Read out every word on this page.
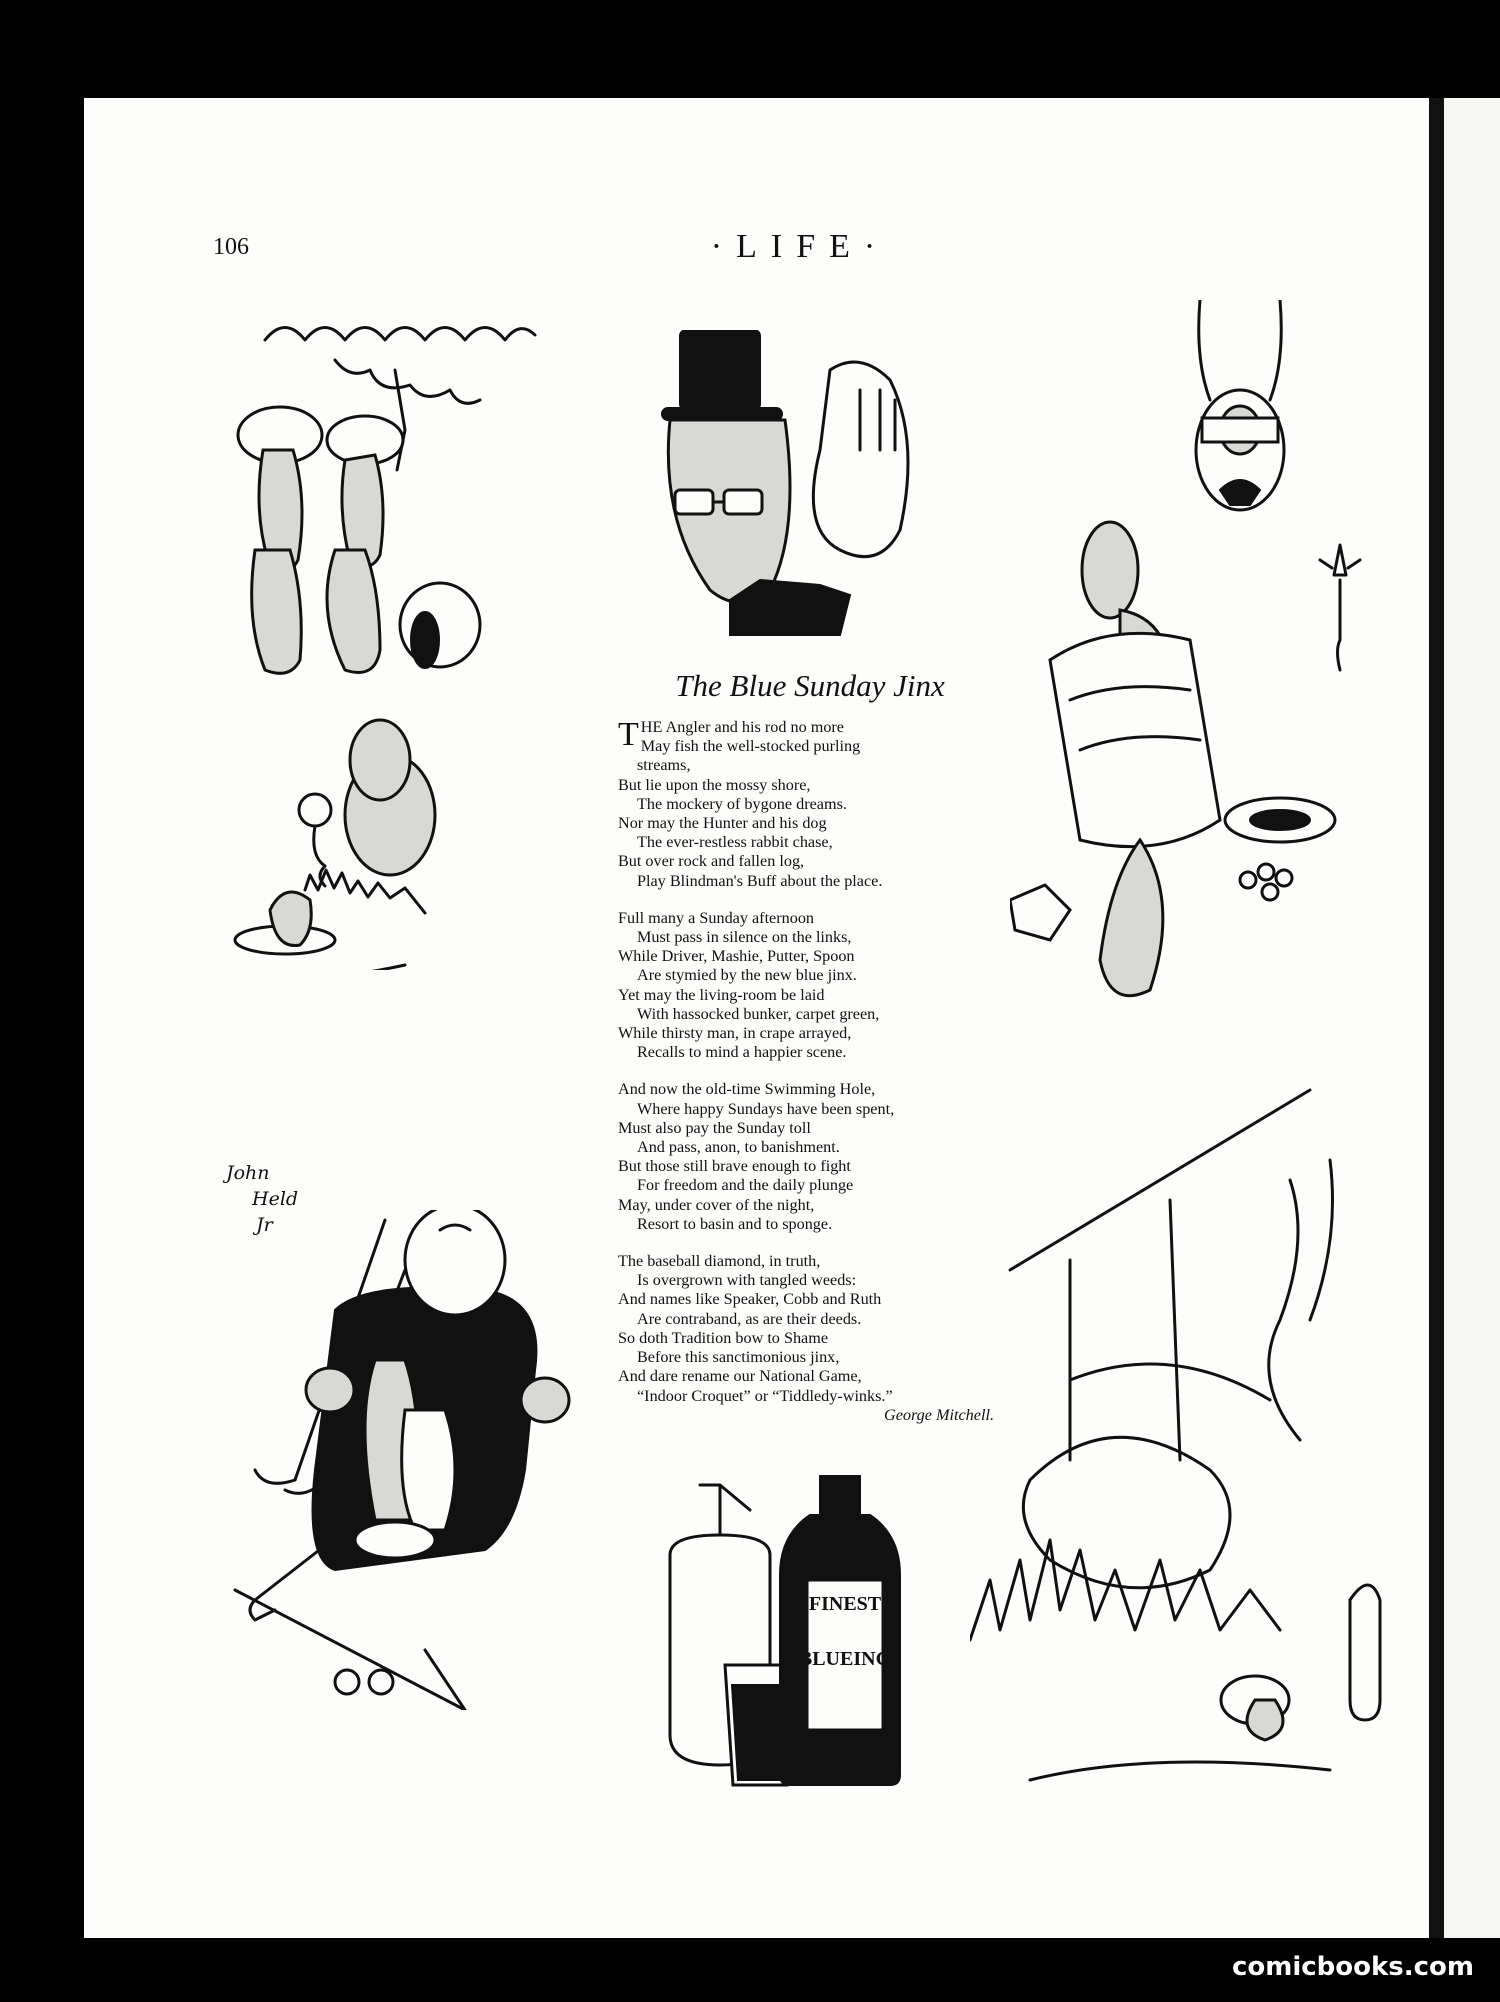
106	·LIFE·
John
Held
Jr
FINEST
BLUEING
The Blue Sunday Jinx
THE Angler and his rod no more
May fish the well-stocked purling
streams,
But lie upon the mossy shore,
The mockery of bygone dreams.
Nor may the Hunter and his dog
The ever-restless rabbit chase,
But over rock and fallen log,
Play Blindman's Buff about the place.
Full many a Sunday afternoon
Must pass in silence on the links,
While Driver, Mashie, Putter, Spoon
Are stymied by the new blue jinx.
Yet may the living-room be laid
With hassocked bunker, carpet green,
While thirsty man, in crape arrayed,
Recalls to mind a happier scene.
And now the old-time Swimming Hole,
Where happy Sundays have been spent,
Must also pay the Sunday toll
And pass, anon, to banishment.
But those still brave enough to fight
For freedom and the daily plunge
May, under cover of the night,
Resort to basin and to sponge.
The baseball diamond, in truth,
Is overgrown with tangled weeds:
And names like Speaker, Cobb and Ruth
Are contraband, as are their deeds.
So doth Tradition bow to Shame
Before this sanctimonious jinx,
And dare rename our National Game,
“Indoor Croquet” or “Tiddledy-winks.”
George Mitchell.
comicbooks.com
